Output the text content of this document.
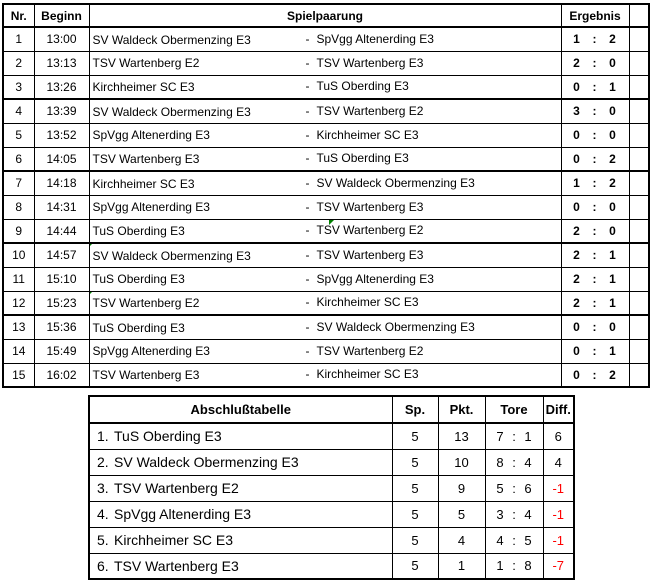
Nr.	Beginn	Spielpaarung	Ergebnis	
1	13:00	SV Waldeck Obermenzing E3 - SpVgg Altenerding E3	1 : 2	

2	13:13	TSV Wartenberg E2 - TSV Wartenberg E3	2 : 0	

3	13:26	Kirchheimer SC E3 - TuS Oberding E3	0 : 1	

4	13:39	SV Waldeck Obermenzing E3 - TSV Wartenberg E2	3 : 0	

5	13:52	SpVgg Altenerding E3 - Kirchheimer SC E3	0 : 0	

6	14:05	TSV Wartenberg E3 - TuS Oberding E3	0 : 2	

7	14:18	Kirchheimer SC E3 - SV Waldeck Obermenzing E3	1 : 2	

8	14:31	SpVgg Altenerding E3 - TSV Wartenberg E3	0 : 0	

9	14:44	TuS Oberding E3 - TSV Wartenberg E2	2 : 0	

10	14:57	SV Waldeck Obermenzing E3 - TSV Wartenberg E3	2 : 1	

11	15:10	TuS Oberding E3 - SpVgg Altenerding E3	2 : 1	

12	15:23	TSV Wartenberg E2 - Kirchheimer SC E3	2 : 1	

13	15:36	TuS Oberding E3 - SV Waldeck Obermenzing E3	0 : 0	

14	15:49	SpVgg Altenerding E3 - TSV Wartenberg E2	0 : 1	

15	16:02	TSV Wartenberg E3 - Kirchheimer SC E3	0 : 2	

Abschlußtabelle	Sp.	Pkt.	Tore	Diff.
1. TuS Oberding E3	5	13	7 : 1	6
2. SV Waldeck Obermenzing E3	5	10	8 : 4	4
3. TSV Wartenberg E2	5	9	5 : 6	-1
4. SpVgg Altenerding E3	5	5	3 : 4	-1
5. Kirchheimer SC E3	5	4	4 : 5	-1
6. TSV Wartenberg E3	5	1	1 : 8	-7
